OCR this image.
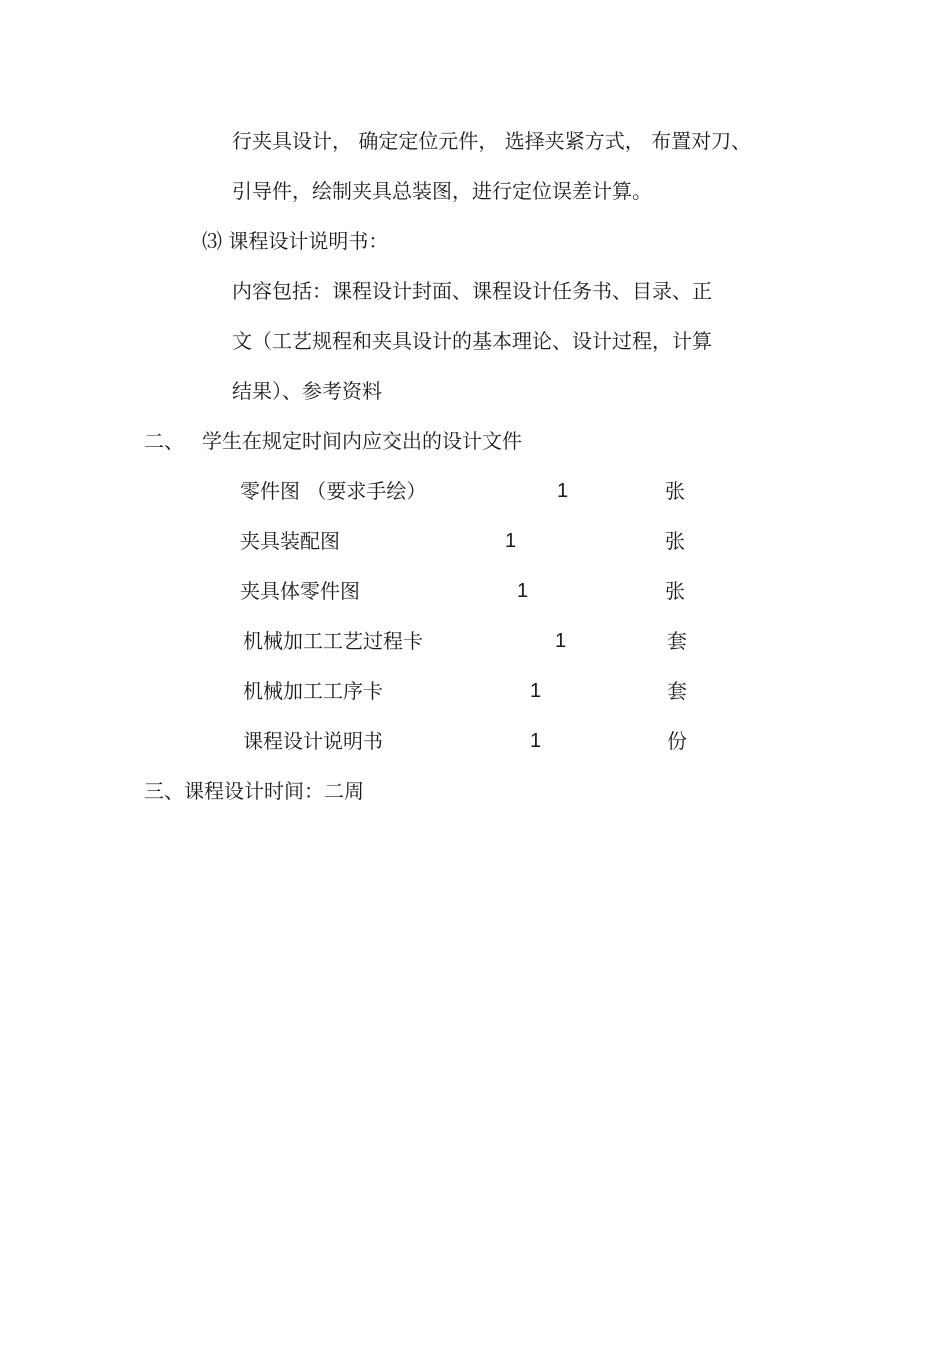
行夹具设计， 确定定位元件， 选择夹紧方式， 布置对刀、
引导件，绘制夹具总装图，进行定位误差计算。
⑶ 课程设计说明书：
内容包括：课程设计封面、课程设计任务书、目录、正
文（工艺规程和夹具设计的基本理论、设计过程，计算
结果）、参考资料
二、 学生在规定时间内应交出的设计文件
零件图 （要求手绘）	1	张
夹具装配图	1	张
夹具体零件图	1	张
机械加工工艺过程卡	1	套
机械加工工序卡	1	套
课程设计说明书	1	份
三、课程设计时间：二周
